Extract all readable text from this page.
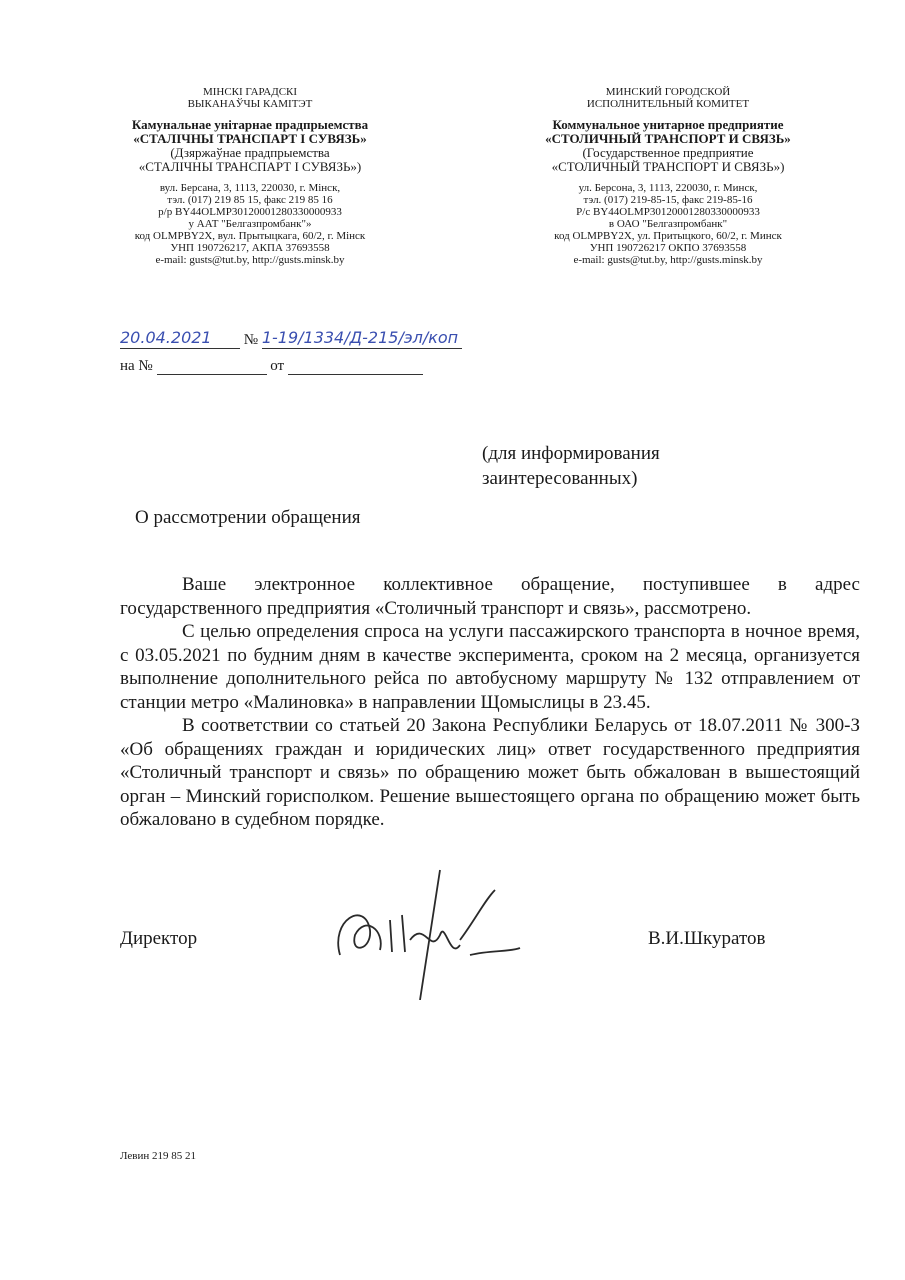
МІНСКІ ГАРАДСКІ
ВЫКАНАЎЧЫ КАМІТЭТ
Камунальнае унітарнае прадпрыемства
«СТАЛІЧНЫ ТРАНСПАРТ І СУВЯЗЬ»
(Дзяржаўнае прадпрыемства
«СТАЛІЧНЫ ТРАНСПАРТ І СУВЯЗЬ»)
вул. Берсана, 3, 1113, 220030, г. Мінск,
тэл. (017) 219 85 15, факс 219 85 16
р/р BY44OLMP30120001280330000933
у ААТ "Белгазпромбанк"»
код OLMPBY2X, вул. Прытыцкага, 60/2, г. Мінск
УНП 190726217, АКПА 37693558
e-mail: gusts@tut.by, http://gusts.minsk.by
МИНСКИЙ ГОРОДСКОЙ
ИСПОЛНИТЕЛЬНЫЙ КОМИТЕТ
Коммунальное унитарное предприятие
«СТОЛИЧНЫЙ ТРАНСПОРТ И СВЯЗЬ»
(Государственное предприятие
«СТОЛИЧНЫЙ ТРАНСПОРТ И СВЯЗЬ»)
ул. Берсона, 3, 1113, 220030, г. Минск,
тэл. (017) 219-85-15, факс 219-85-16
Р/с BY44OLMP30120001280330000933
в ОАО "Белгазпромбанк"
код OLMPBY2X, ул. Притыцкого, 60/2, г. Минск
УНП 190726217 ОКПО 37693558
e-mail: gusts@tut.by, http://gusts.minsk.by
20.04.2021 № 1-19/1334/Д-215/эл/коп
на №	от
(для информирования
заинтересованных)
О рассмотрении обращения

Ваше электронное коллективное обращение, поступившее в адрес государственного предприятия «Столичный транспорт и связь», рассмотрено.

С целью определения спроса на услуги пассажирского транспорта в ночное время, с 03.05.2021 по будним дням в качестве эксперимента, сроком на 2 месяца, организуется выполнение дополнительного рейса по автобусному маршруту № 132 отправлением от станции метро «Малиновка» в направлении Щомыслицы в 23.45.

В соответствии со статьей 20 Закона Республики Беларусь от 18.07.2011 № 300-З «Об обращениях граждан и юридических лиц» ответ государственного предприятия «Столичный транспорт и связь» по обращению может быть обжалован в вышестоящий орган – Минский горисполком. Решение вышестоящего органа по обращению может быть обжаловано в судебном порядке.

Директор	В.И.Шкуратов
Левин 219 85 21
